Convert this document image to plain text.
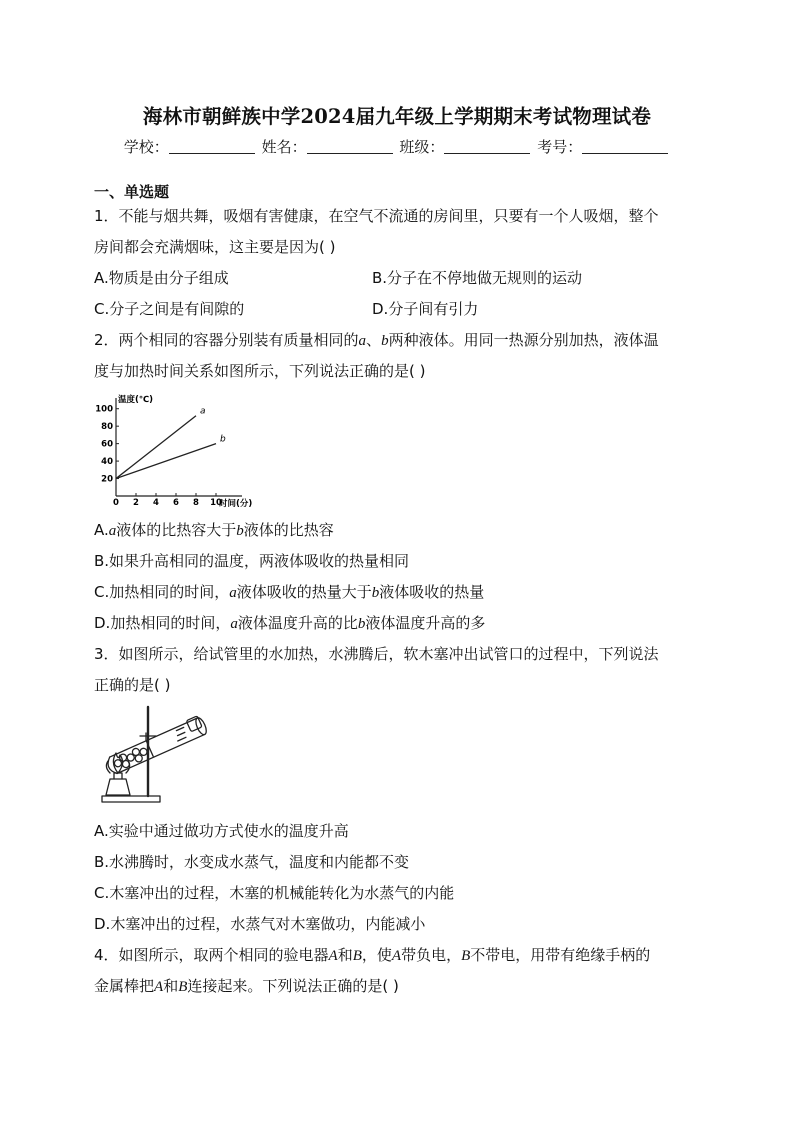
海林市朝鲜族中学2024届九年级上学期期末考试物理试卷
学校：	姓名：	班级：	考号：
一、单选题
1．不能与烟共舞，吸烟有害健康，在空气不流通的房间里，只要有一个人吸烟，整个
房间都会充满烟味，这主要是因为( )
A.物质是由分子组成	B.分子在不停地做无规则的运动
C.分子之间是有间隙的	D.分子间有引力
2．两个相同的容器分别装有质量相同的a、b两种液体。用同一热源分别加热，液体温
度与加热时间关系如图所示，下列说法正确的是( )
0 2 4 6 8 10
20
40
60
80
100	a
b
温度(℃)
时间(分)
A.a液体的比热容大于b液体的比热容
B.如果升高相同的温度，两液体吸收的热量相同
C.加热相同的时间，a液体吸收的热量大于b液体吸收的热量
D.加热相同的时间，a液体温度升高的比b液体温度升高的多
3．如图所示，给试管里的水加热，水沸腾后，软木塞冲出试管口的过程中，下列说法
正确的是( )
A.实验中通过做功方式使水的温度升高
B.水沸腾时，水变成水蒸气，温度和内能都不变
C.木塞冲出的过程，木塞的机械能转化为水蒸气的内能
D.木塞冲出的过程，水蒸气对木塞做功，内能减小
4．如图所示，取两个相同的验电器A和B，使A带负电，B不带电，用带有绝缘手柄的
金属棒把A和B连接起来。下列说法正确的是( )
